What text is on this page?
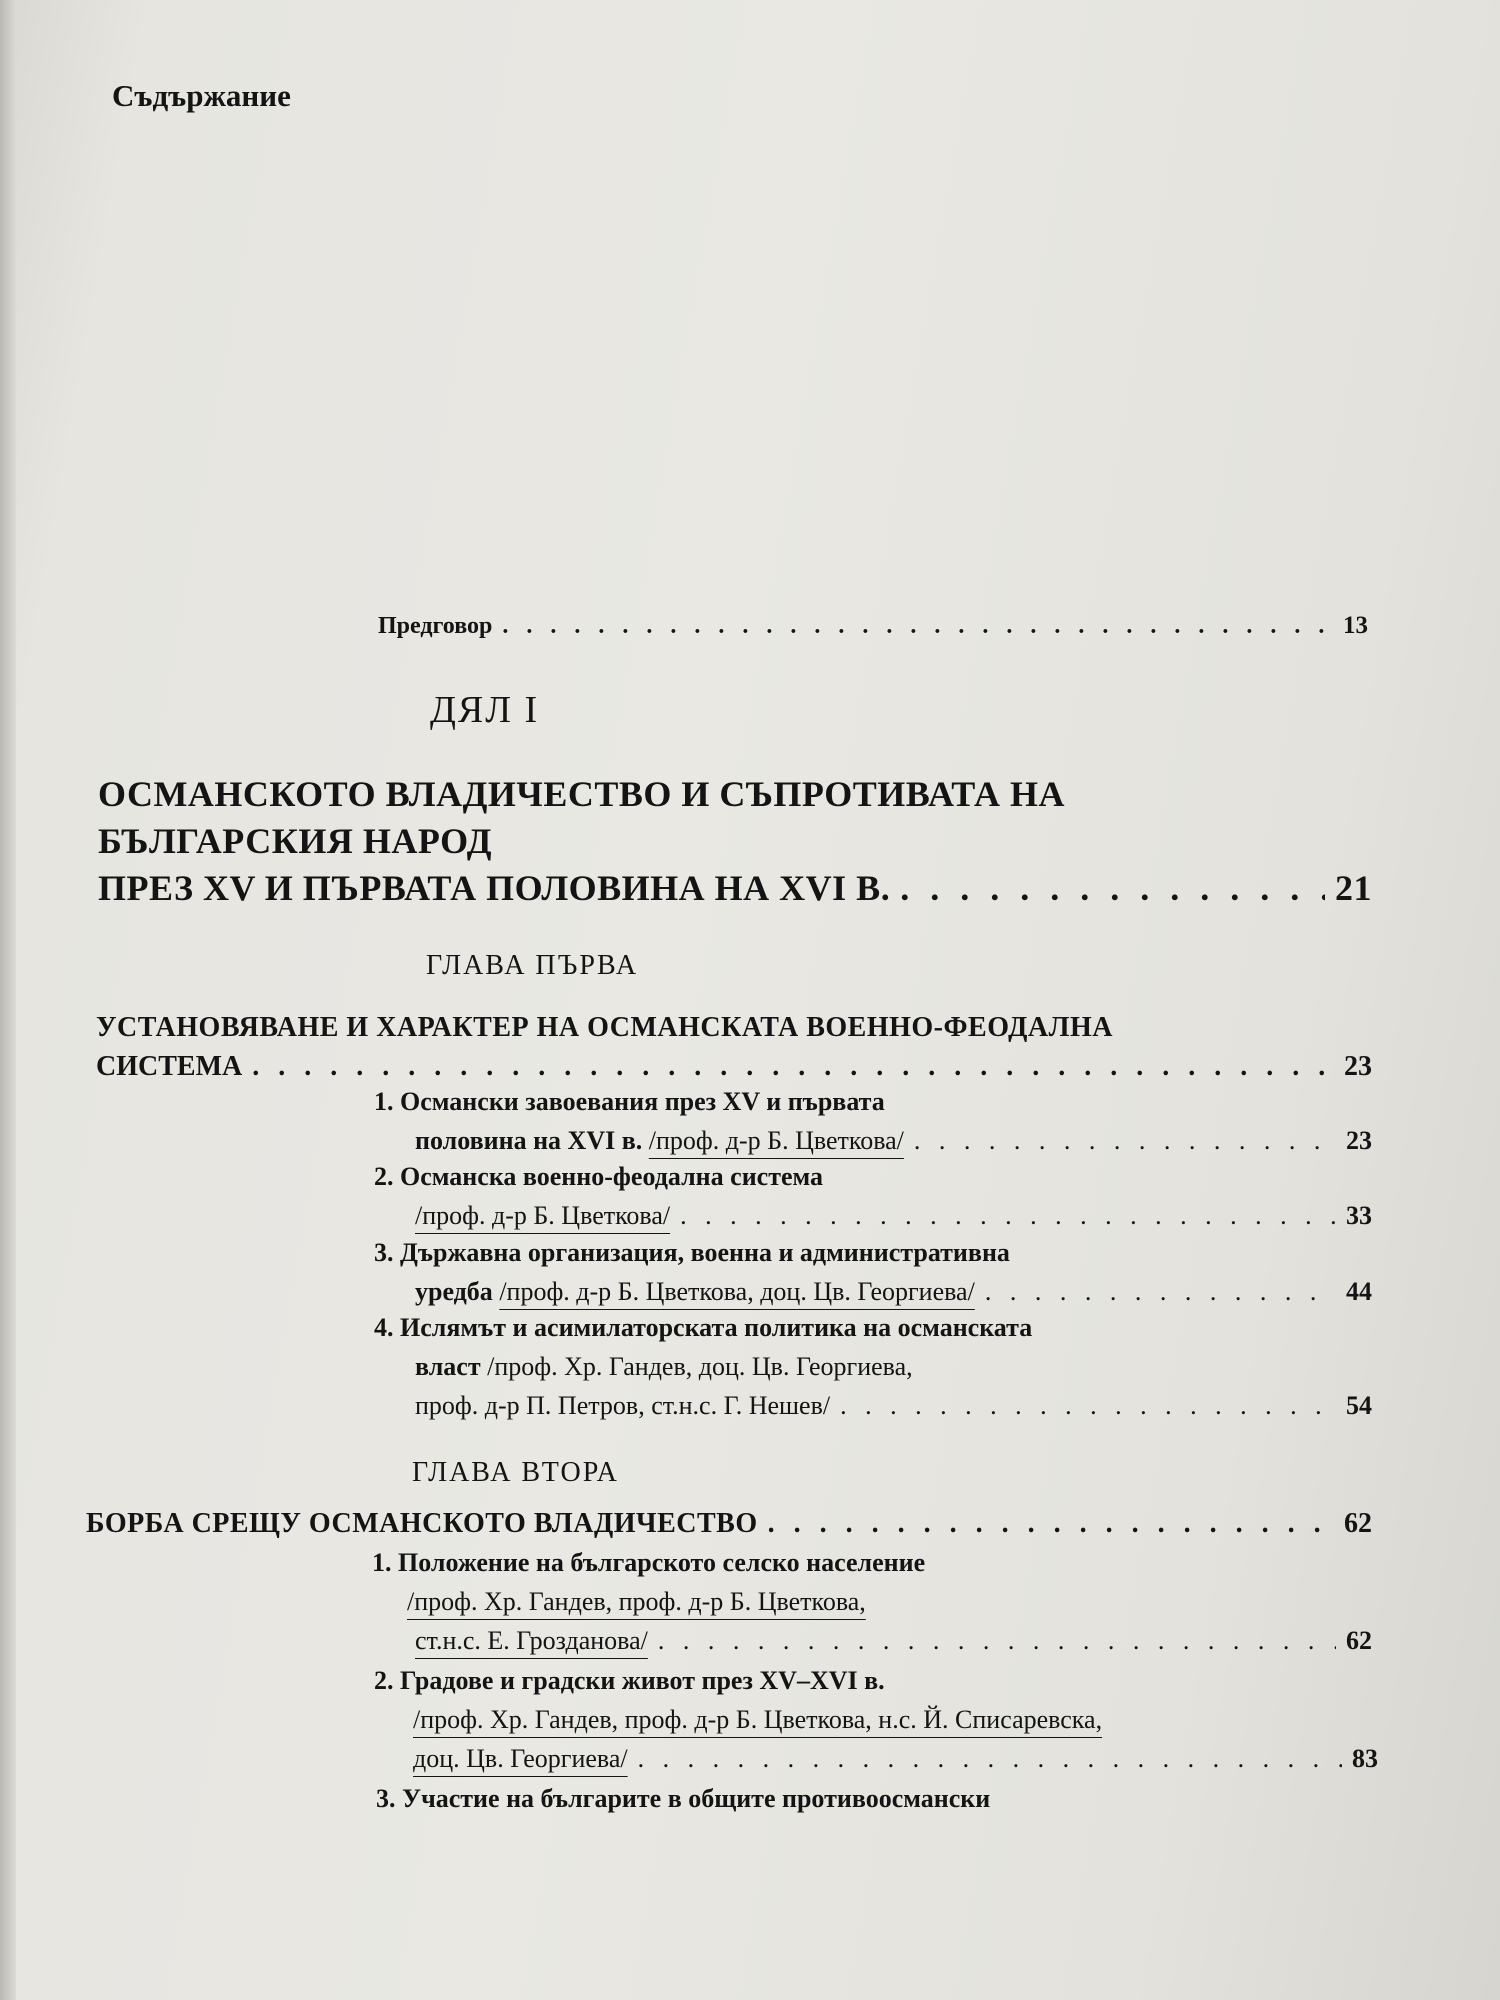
Съдържание
Предговор . . .	13
ДЯЛ I
ОСМАНСКОТО ВЛАДИЧЕСТВО И СЪПРОТИВАТА НА
БЪЛГАРСКИЯ НАРОД
ПРЕЗ XV И ПЪРВАТА ПОЛОВИНА НА XVI В. . . .	21
ГЛАВА ПЪРВА
УСТАНОВЯВАНЕ И ХАРАКТЕР НА ОСМАНСКАТА ВОЕННО-ФЕОДАЛНА
СИСТЕМА . . .	23
1. Османски завоевания през XV и първата
половина на XVI в. /проф. д-р Б. Цветкова/ . . .	23
2. Османска военно-феодална система
/проф. д-р Б. Цветкова/ . . .	33
3. Държавна организация, военна и административна
уредба /проф. д-р Б. Цветкова, доц. Цв. Георгиева/ . . .	44
4. Ислямът и асимилаторската политика на османската
власт /проф. Хр. Гандев, доц. Цв. Георгиева,
проф. д-р П. Петров, ст.н.с. Г. Нешев/ . . .	54
ГЛАВА ВТОРА
БОРБА СРЕЩУ ОСМАНСКОТО ВЛАДИЧЕСТВО . . .	62
1. Положение на българското селско население
/проф. Хр. Гандев, проф. д-р Б. Цветкова,
ст.н.с. Е. Грозданова/ . . .	62
2. Градове и градски живот през XV–XVI в.
/проф. Хр. Гандев, проф. д-р Б. Цветкова, н.с. Й. Списаревска,
доц. Цв. Георгиева/ . . .	83
3. Участие на българите в общите противоосмански
